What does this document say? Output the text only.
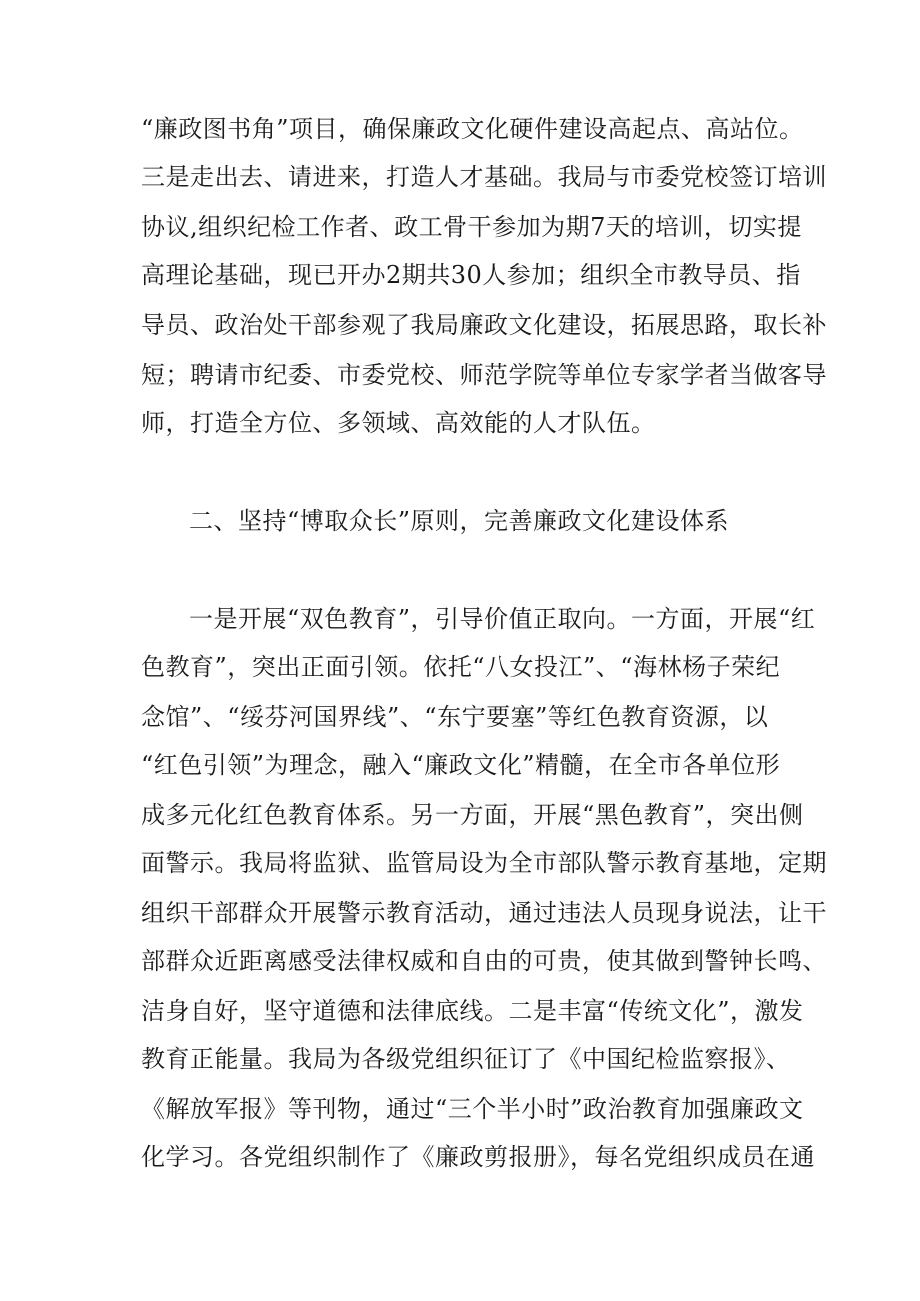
“廉政图书角”项目，确保廉政文化硬件建设高起点、高站位。
三是走出去、请进来，打造人才基础。我局与市委党校签订培训
协议,组织纪检工作者、政工骨干参加为期7天的培训，切实提
高理论基础，现已开办2期共30人参加；组织全市教导员、指
导员、政治处干部参观了我局廉政文化建设，拓展思路，取长补
短；聘请市纪委、市委党校、师范学院等单位专家学者当做客导
师，打造全方位、多领域、高效能的人才队伍。
二、坚持“博取众长”原则，完善廉政文化建设体系
一是开展“双色教育”，引导价值正取向。一方面，开展“红
色教育”，突出正面引领。依托“八女投江”、“海林杨子荣纪
念馆”、“绥芬河国界线”、“东宁要塞”等红色教育资源，以
“红色引领”为理念，融入“廉政文化”精髓，在全市各单位形
成多元化红色教育体系。另一方面，开展“黑色教育”，突出侧
面警示。我局将监狱、监管局设为全市部队警示教育基地，定期
组织干部群众开展警示教育活动，通过违法人员现身说法，让干
部群众近距离感受法律权威和自由的可贵，使其做到警钟长鸣、
洁身自好，坚守道德和法律底线。二是丰富“传统文化”，激发
教育正能量。我局为各级党组织征订了《中国纪检监察报》、
《解放军报》等刊物，通过“三个半小时”政治教育加强廉政文
化学习。各党组织制作了《廉政剪报册》，每名党组织成员在通
